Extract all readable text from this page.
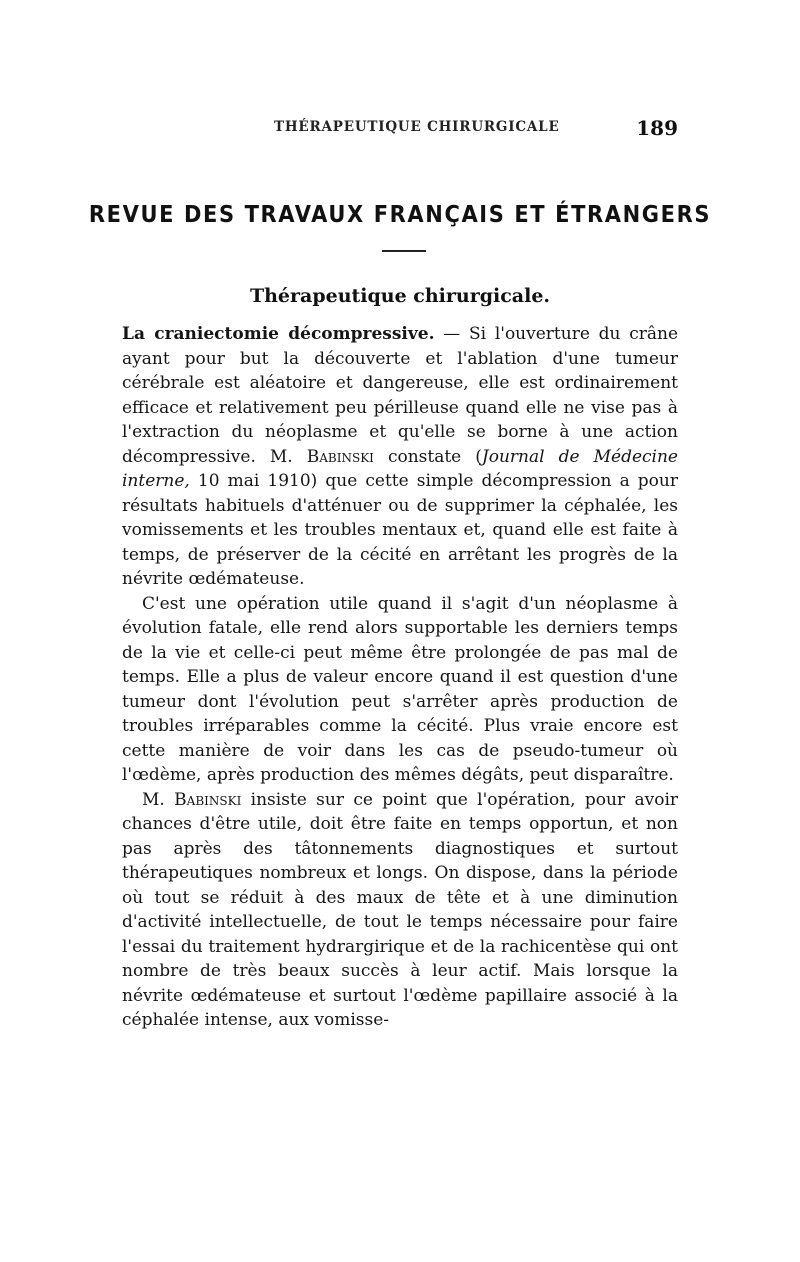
THÉRAPEUTIQUE CHIRURGICALE	189
REVUE DES TRAVAUX FRANÇAIS ET ÉTRANGERS
Thérapeutique chirurgicale.

La craniectomie décompressive. — Si l'ouverture du crâne ayant pour but la découverte et l'ablation d'une tumeur cérébrale est aléatoire et dangereuse, elle est ordinairement efficace et relativement peu périlleuse quand elle ne vise pas à l'extraction du néoplasme et qu'elle se borne à une action décompressive. M. Babinski constate (Journal de Médecine interne, 10 mai 1910) que cette simple décompression a pour résultats habituels d'atténuer ou de supprimer la céphalée, les vomissements et les troubles mentaux et, quand elle est faite à temps, de préserver de la cécité en arrêtant les progrès de la névrite œdémateuse.

C'est une opération utile quand il s'agit d'un néoplasme à évolution fatale, elle rend alors supportable les derniers temps de la vie et celle-ci peut même être prolongée de pas mal de temps. Elle a plus de valeur encore quand il est question d'une tumeur dont l'évolution peut s'arrêter après production de troubles irréparables comme la cécité. Plus vraie encore est cette manière de voir dans les cas de pseudo-tumeur où l'œdème, après production des mêmes dégâts, peut disparaître.

M. Babinski insiste sur ce point que l'opération, pour avoir chances d'être utile, doit être faite en temps opportun, et non pas après des tâtonnements diagnostiques et surtout thérapeutiques nombreux et longs. On dispose, dans la période où tout se réduit à des maux de tête et à une diminution d'activité intellectuelle, de tout le temps nécessaire pour faire l'essai du traitement hydrargirique et de la rachicentèse qui ont nombre de très beaux succès à leur actif. Mais lorsque la névrite œdémateuse et surtout l'œdème papillaire associé à la céphalée intense, aux vomisse-
